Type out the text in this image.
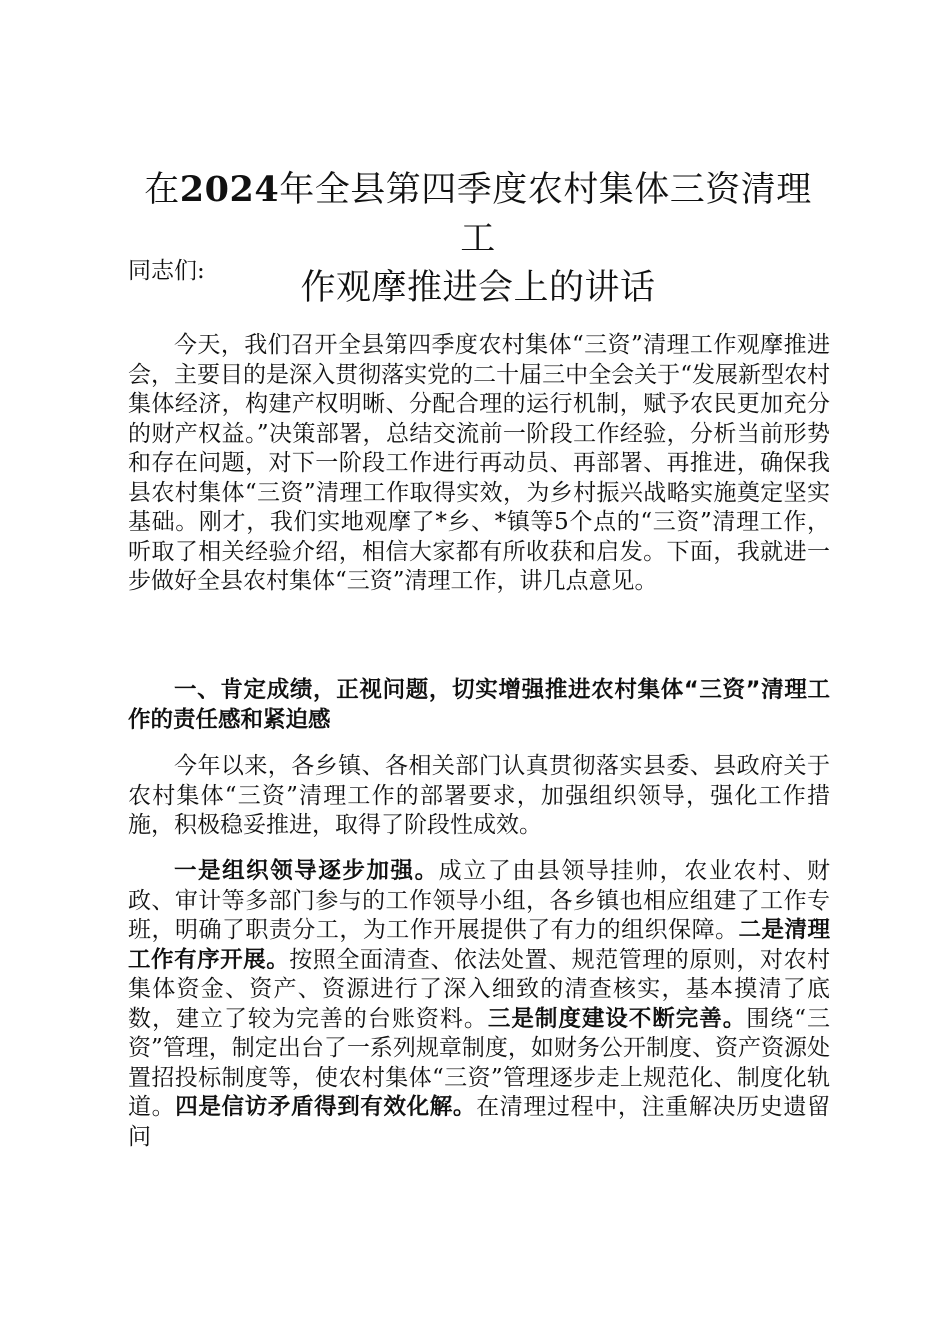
在2024年全县第四季度农村集体三资清理工
作观摩推进会上的讲话
同志们:
今天，我们召开全县第四季度农村集体“三资”清理工作观摩推进会，主要目的是深入贯彻落实党的二十届三中全会关于“发展新型农村集体经济，构建产权明晰、分配合理的运行机制，赋予农民更加充分的财产权益。”决策部署，总结交流前一阶段工作经验，分析当前形势和存在问题，对下一阶段工作进行再动员、再部署、再推进，确保我县农村集体“三资”清理工作取得实效，为乡村振兴战略实施奠定坚实基础。刚才，我们实地观摩了*乡、*镇等5个点的“三资”清理工作，听取了相关经验介绍，相信大家都有所收获和启发。下面，我就进一步做好全县农村集体“三资”清理工作，讲几点意见。
一、肯定成绩，正视问题，切实增强推进农村集体“三资”清理工作的责任感和紧迫感
今年以来，各乡镇、各相关部门认真贯彻落实县委、县政府关于农村集体“三资”清理工作的部署要求，加强组织领导，强化工作措施，积极稳妥推进，取得了阶段性成效。
一是组织领导逐步加强。成立了由县领导挂帅，农业农村、财政、审计等多部门参与的工作领导小组，各乡镇也相应组建了工作专班，明确了职责分工，为工作开展提供了有力的组织保障。二是清理工作有序开展。按照全面清查、依法处置、规范管理的原则，对农村集体资金、资产、资源进行了深入细致的清查核实，基本摸清了底数，建立了较为完善的台账资料。三是制度建设不断完善。围绕“三资”管理，制定出台了一系列规章制度，如财务公开制度、资产资源处置招投标制度等，使农村集体“三资”管理逐步走上规范化、制度化轨道。四是信访矛盾得到有效化解。在清理过程中，注重解决历史遗留问
